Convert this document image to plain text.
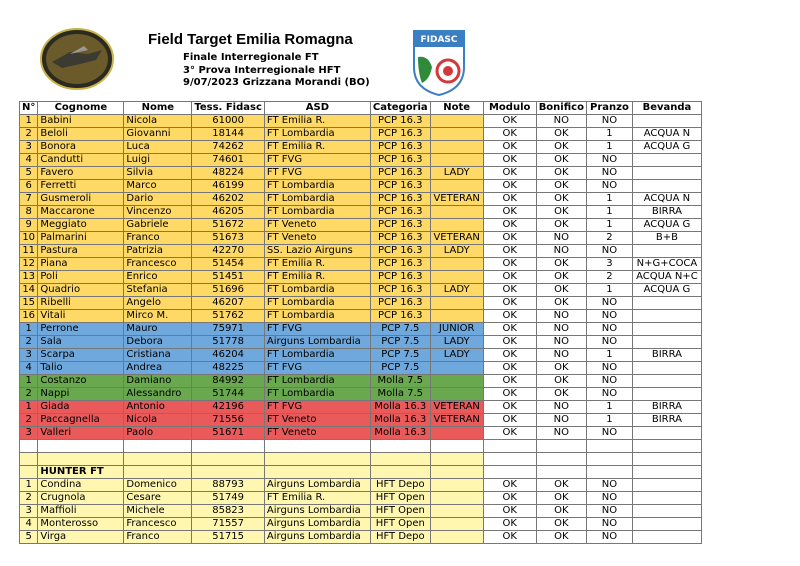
Field Target Emilia Romagna
Finale Interregionale FT
3° Prova Interregionale HFT
9/07/2023 Grizzana Morandi (BO)
FIDASC
N°	Cognome	Nome	Tess. Fidasc	ASD	Categoria	Note	Modulo	Bonifico	Pranzo	Bevanda
1	Babini	Nicola	61000	FT Emilia R.	PCP 16.3		OK	NO	NO	
2	Beloli	Giovanni	18144	FT Lombardia	PCP 16.3		OK	OK	1	ACQUA N
3	Bonora	Luca	74262	FT Emilia R.	PCP 16.3		OK	OK	1	ACQUA G
4	Candutti	Luigi	74601	FT FVG	PCP 16.3		OK	OK	NO	
5	Favero	Silvia	48224	FT FVG	PCP 16.3	LADY	OK	OK	NO	
6	Ferretti	Marco	46199	FT Lombardia	PCP 16.3		OK	OK	NO	
7	Gusmeroli	Dario	46202	FT Lombardia	PCP 16.3	VETERAN	OK	OK	1	ACQUA N
8	Maccarone	Vincenzo	46205	FT Lombardia	PCP 16.3		OK	OK	1	BIRRA
9	Meggiato	Gabriele	51672	FT Veneto	PCP 16.3		OK	OK	1	ACQUA G
10	Palmarini	Franco	51673	FT Veneto	PCP 16.3	VETERAN	OK	NO	2	B+B
11	Pastura	Patrizia	42270	SS. Lazio Airguns	PCP 16.3	LADY	OK	NO	NO	
12	Piana	Francesco	51454	FT Emilia R.	PCP 16.3		OK	OK	3	N+G+COCA
13	Poli	Enrico	51451	FT Emilia R.	PCP 16.3		OK	OK	2	ACQUA N+C
14	Quadrio	Stefania	51696	FT Lombardia	PCP 16.3	LADY	OK	OK	1	ACQUA G
15	Ribelli	Angelo	46207	FT Lombardia	PCP 16.3		OK	OK	NO	
16	Vitali	Mirco M.	51762	FT Lombardia	PCP 16.3		OK	NO	NO	
1	Perrone	Mauro	75971	FT FVG	PCP 7.5	JUNIOR	OK	NO	NO	
2	Sala	Debora	51778	Airguns Lombardia	PCP 7.5	LADY	OK	NO	NO	
3	Scarpa	Cristiana	46204	FT Lombardia	PCP 7.5	LADY	OK	NO	1	BIRRA
4	Talio	Andrea	48225	FT FVG	PCP 7.5		OK	OK	NO	
1	Costanzo	Damiano	84992	FT Lombardia	Molla 7.5		OK	OK	NO	
2	Nappi	Alessandro	51744	FT Lombardia	Molla 7.5		OK	OK	NO	
1	Giada	Antonio	42196	FT FVG	Molla 16.3	VETERAN	OK	NO	1	BIRRA
2	Paccagnella	Nicola	71556	FT Veneto	Molla 16.3	VETERAN	OK	NO	1	BIRRA
3	Valleri	Paolo	51671	FT Veneto	Molla 16.3		OK	NO	NO	

	HUNTER FT									
1	Condina	Domenico	88793	Airguns Lombardia	HFT Depo		OK	OK	NO	
2	Crugnola	Cesare	51749	FT Emilia R.	HFT Open		OK	OK	NO	
3	Maffioli	Michele	85823	Airguns Lombardia	HFT Open		OK	OK	NO	
4	Monterosso	Francesco	71557	Airguns Lombardia	HFT Open		OK	OK	NO	
5	Virga	Franco	51715	Airguns Lombardia	HFT Depo		OK	OK	NO	
